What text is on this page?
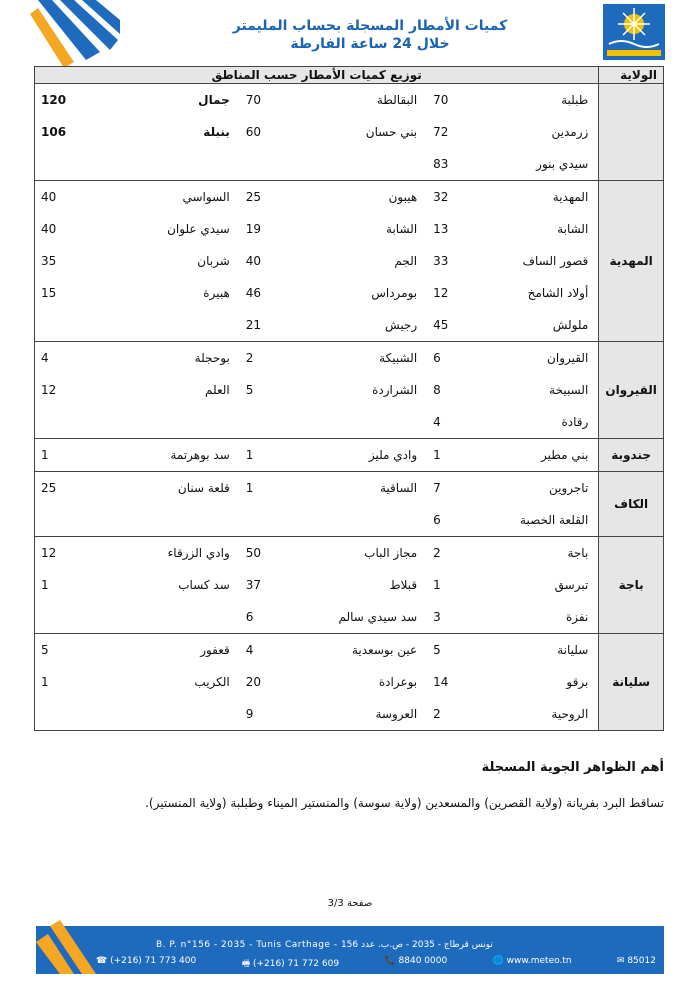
كميات الأمطار المسجلة بحساب المليمتر
خلال 24 ساعة الفارطة
الولاية	توزيع كميات الأمطار حسب المناطق					
	طبلبة	70	البقالطة	70	جمال	120
	زرمدين	72	بني حسان	60	بنبلة	106
	سيدي بنور	83				
المهدية	المهدية	32	هيبون	25	السواسي	40
	الشابة	13	الشابة	19	سيدي علوان	40
	قصور الساف	33	الجم	40	شربان	35
	أولاد الشامخ	12	بومرداس	46	هبيرة	15
	ملولش	45	رجيش	21		
القيروان	القيروان	6	الشبيكة	2	بوحجلة	4
	السبيخة	8	الشراردة	5	العلم	12
	رقادة	4				
جندوبة	بني مطير	1	وادي مليز	1	سد بوهرتمة	1
الكاف	تاجروين	7	الساقية	1	قلعة سنان	25
	القلعة الخصبة	6				
باجة	باجة	2	مجاز الباب	50	وادي الزرقاء	12
	تبرسق	1	قبلاط	37	سد كساب	1
	نفزة	3	سد سيدي سالم	6		
سليانة	سليانة	5	عين بوسعدية	4	قعفور	5
	برقو	14	بوعرادة	20	الكريب	1
	الروحية	2	العروسة	9		
أهم الظواهر الجوية المسجلة
تساقط البرد بفريانة (ولاية القصرين) والمسعدين (ولاية سوسة) والمنستير الميناء وطبلبة (ولاية المنستير).
صفحة 3/3
B. P. n°156 - 2035 - Tunis Carthage - تونس قرطاج - 2035 - ص.ب. عدد 156
☎ (+216) 71 773 400	🖷 (+216) 71 772 609	📞 8840 0000	🌐 www.meteo.tn	✉ 85012
